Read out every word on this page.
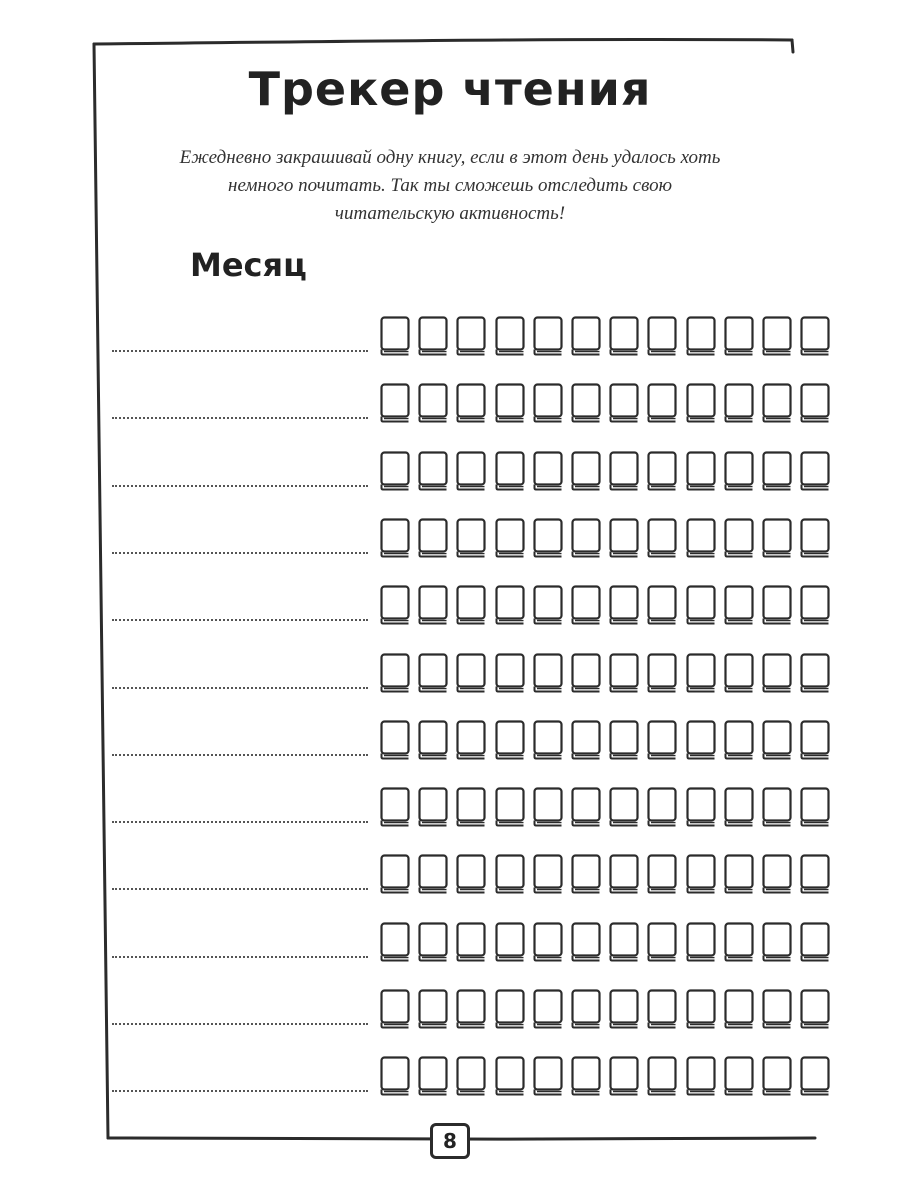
Трекер чтения
Ежедневно закрашивай одну книгу, если в этот день удалось хоть
немного почитать. Так ты сможешь отследить свою
читательскую активность!
Месяц
8
